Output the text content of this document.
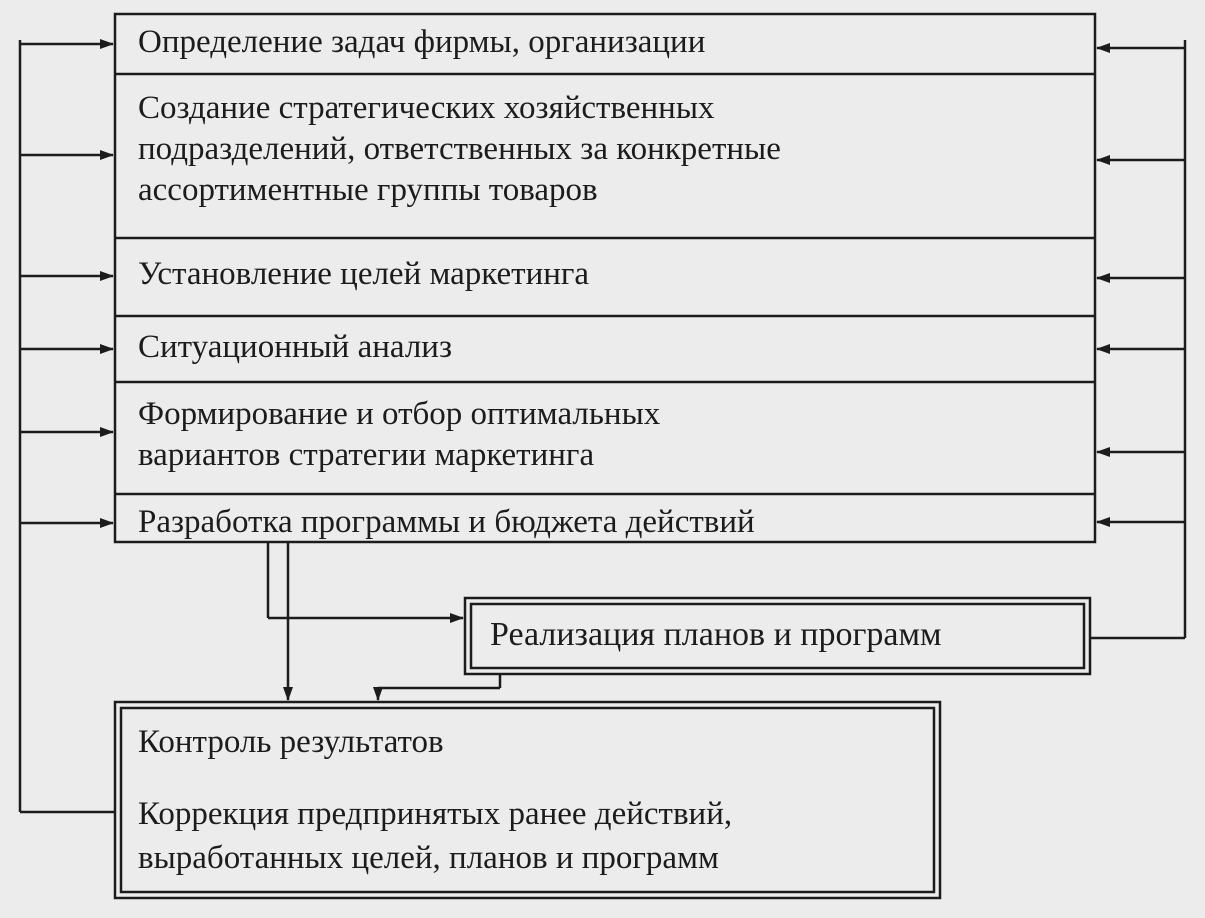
Определение задач фирмы, организации
Создание стратегических хозяйственных
подразделений, ответственных за конкретные
ассортиментные группы товаров
Установление целей маркетинга
Ситуационный анализ
Формирование и отбор оптимальных
вариантов стратегии маркетинга
Разработка программы и бюджета действий
Реализация планов и программ
Контроль результатов
Коррекция предпринятых ранее действий,
выработанных целей, планов и программ
